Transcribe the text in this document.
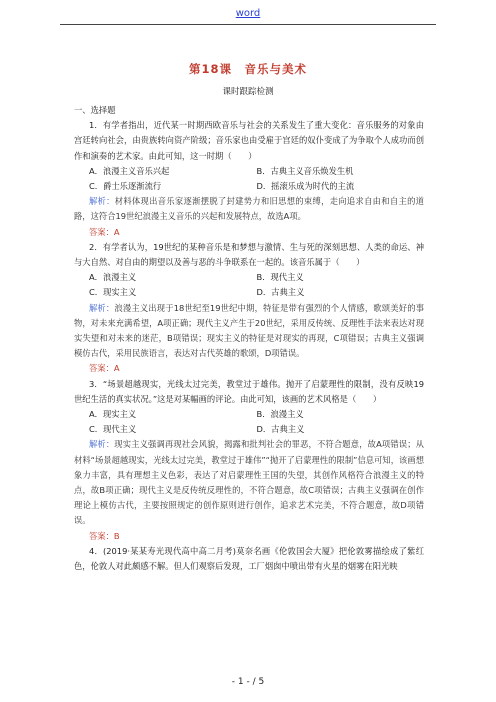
word
第18课　音乐与美术
课时跟踪检测

一、选择题

1．有学者指出，近代某一时期西欧音乐与社会的关系发生了重大变化：音乐服务的对象由宫廷转向社会，由贵族转向资产阶级；音乐家也由受雇于宫廷的奴仆变成了为争取个人成功而创作和演奏的艺术家。由此可知，这一时期（　　）

A．浪漫主义音乐兴起	B．古典主义音乐焕发生机
C．爵士乐逐渐流行	D．摇滚乐成为时代的主流

解析：材料体现出音乐家逐渐摆脱了封建势力和旧思想的束缚，走向追求自由和自主的道路，这符合19世纪浪漫主义音乐的兴起和发展特点，故选A项。

答案：A

2．有学者认为，19世纪的某种音乐是和梦想与激情、生与死的深刻思想、人类的命运、神与大自然、对自由的期望以及善与恶的斗争联系在一起的。该音乐属于（　　）

A．浪漫主义	B．现代主义
C．现实主义	D．古典主义

解析：浪漫主义出现于18世纪至19世纪中期，特征是带有强烈的个人情感，歌颂美好的事物，对未来充满希望，A项正确；现代主义产生于20世纪，采用反传统、反理性手法来表达对现实失望和对未来的迷茫，B项错误；现实主义的特征是对现实的再现，C项错误；古典主义强调模仿古代，采用民族语言，表达对古代英雄的歌颂，D项错误。

答案：A

3．“场景超越现实，光线太过完美，教堂过于雄伟。抛开了启蒙理性的限制，没有反映19世纪生活的真实状况。”这是对某幅画的评论。由此可知，该画的艺术风格是（　　）

A．现实主义	B．浪漫主义
C．现代主义	D．古典主义

解析：现实主义强调再现社会风貌，揭露和批判社会的罪恶，不符合题意，故A项错误；从材料“场景超越现实，光线太过完美，教堂过于雄伟”“抛开了启蒙理性的限制”信息可知，该画想象力丰富，具有理想主义色彩，表达了对启蒙理性王国的失望，其创作风格符合浪漫主义的特点，故B项正确；现代主义是反传统反理性的，不符合题意，故C项错误；古典主义强调在创作理论上模仿古代，主要按照规定的创作原则进行创作，追求艺术完美，不符合题意，故D项错误。

答案：B

4．(2019·某某寿光现代高中高二月考)莫奈名画《伦敦国会大厦》把伦敦雾描绘成了紫红色，伦敦人对此颇感不解。但人们观察后发现，工厂烟囱中喷出带有火星的烟雾在阳光映

- 1 - / 5
